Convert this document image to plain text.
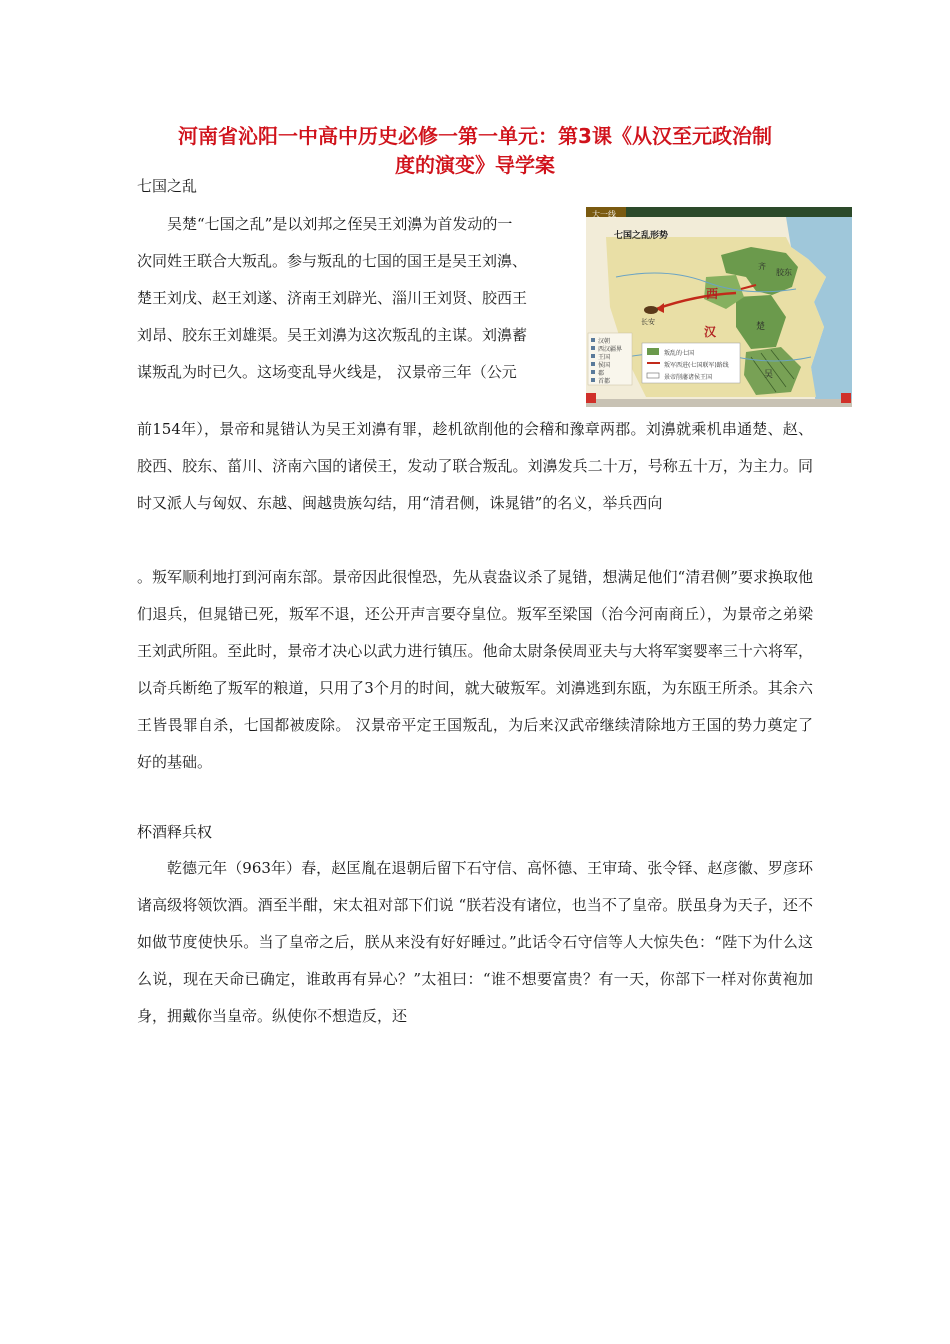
河南省沁阳一中高中历史必修一第一单元：第3课《从汉至元政治制
度的演变》导学案
七国之乱
吴楚“七国之乱”是以刘邦之侄吴王刘濞为首发动的一
次同姓王联合大叛乱。参与叛乱的七国的国王是吴王刘濞、
楚王刘戊、赵王刘遂、济南王刘辟光、淄川王刘贤、胶西王
刘昂、胶东王刘雄渠。吴王刘濞为这次叛乱的主谋。刘濞蓄
谋叛乱为时已久。这场变乱导火线是， 汉景帝三年（公元
前154年），景帝和晁错认为吴王刘濞有罪，趁机欲削他的会稽和豫章两郡。刘濞就乘机串通楚、赵、胶西、胶东、菑川、济南六国的诸侯王，发动了联合叛乱。刘濞发兵二十万，号称五十万，为主力。同时又派人与匈奴、东越、闽越贵族勾结，用“清君侧，诛晁错”的名义，举兵西向
。叛军顺利地打到河南东部。景帝因此很惶恐，先从袁盎议杀了晁错，想满足他们“清君侧”要求换取他们退兵，但晁错已死，叛军不退，还公开声言要夺皇位。叛军至梁国（治今河南商丘），为景帝之弟梁王刘武所阻。至此时，景帝才决心以武力进行镇压。他命太尉条侯周亚夫与大将军窦婴率三十六将军，以奇兵断绝了叛军的粮道，只用了3个月的时间，就大破叛军。刘濞逃到东瓯，为东瓯王所杀。其余六王皆畏罪自杀，七国都被废除。 汉景帝平定王国叛乱，为后来汉武帝继续清除地方王国的势力奠定了好的基础。
大一线
七国之乱形势
西
汉	楚
吴
长安
胶东
齐
叛乱的七国
叛军西进(七国联军)路线
景帝削藩诸侯王国
汉朝
西汉疆界
王国
侯国
郡
首都
杯酒释兵权
乾德元年（963年）春，赵匡胤在退朝后留下石守信、高怀德、王审琦、张令铎、赵彦徽、罗彦环诸高级将领饮酒。酒至半酣，宋太祖对部下们说 “朕若没有诸位，也当不了皇帝。朕虽身为天子，还不如做节度使快乐。当了皇帝之后，朕从来没有好好睡过。”此话令石守信等人大惊失色：“陛下为什么这么说，现在天命已确定，谁敢再有异心？”太祖曰：“谁不想要富贵？有一天，你部下一样对你黄袍加身，拥戴你当皇帝。纵使你不想造反，还
